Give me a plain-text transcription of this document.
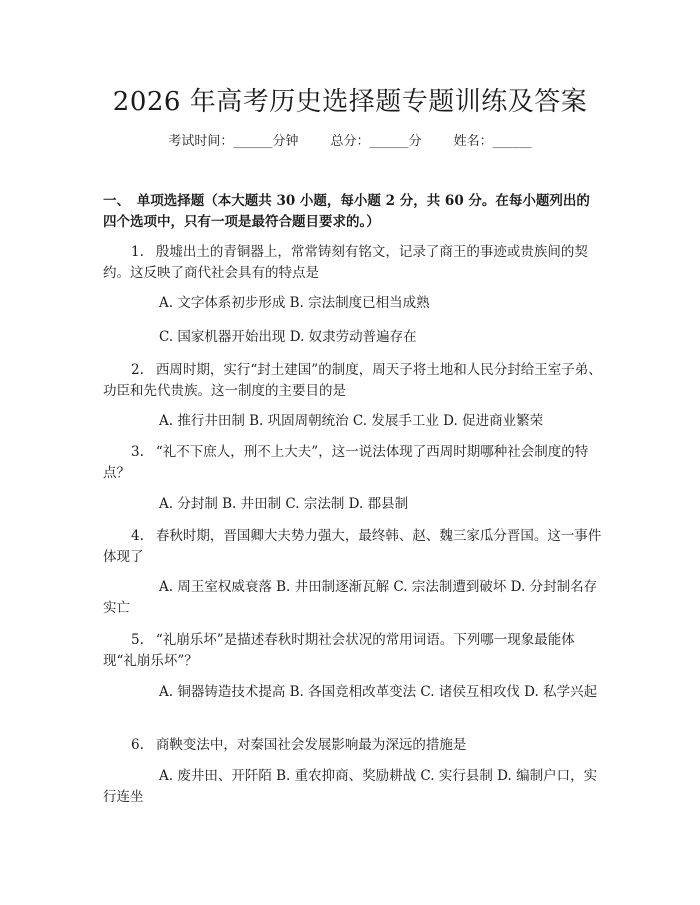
2026 年高考历史选择题专题训练及答案
考试时间：______分钟 总分：______分 姓名：______
一、　单项选择题（本大题共 30 小题，每小题 2 分，共 60 分。在每小题列出的四个选项中，只有一项是最符合题目要求的。）
1. 殷墟出土的青铜器上，常常铸刻有铭文，记录了商王的事迹或贵族间的契约。这反映了商代社会具有的特点是
A. 文字体系初步形成 B. 宗法制度已相当成熟
C. 国家机器开始出现 D. 奴隶劳动普遍存在
2. 西周时期，实行“封土建国”的制度，周天子将土地和人民分封给王室子弟、功臣和先代贵族。这一制度的主要目的是
A. 推行井田制 B. 巩固周朝统治 C. 发展手工业 D. 促进商业繁荣
3. “礼不下庶人，刑不上大夫”，这一说法体现了西周时期哪种社会制度的特点？
A. 分封制 B. 井田制 C. 宗法制 D. 郡县制
4. 春秋时期，晋国卿大夫势力强大，最终韩、赵、魏三家瓜分晋国。这一事件体现了
A. 周王室权威衰落 B. 井田制逐渐瓦解 C. 宗法制遭到破坏 D. 分封制名存实亡
5. “礼崩乐坏”是描述春秋时期社会状况的常用词语。下列哪一现象最能体现“礼崩乐坏”？
A. 铜器铸造技术提高 B. 各国竞相改革变法 C. 诸侯互相攻伐 D. 私学兴起
6. 商鞅变法中，对秦国社会发展影响最为深远的措施是
A. 废井田、开阡陌 B. 重农抑商、奖励耕战 C. 实行县制 D. 编制户口，实行连坐
